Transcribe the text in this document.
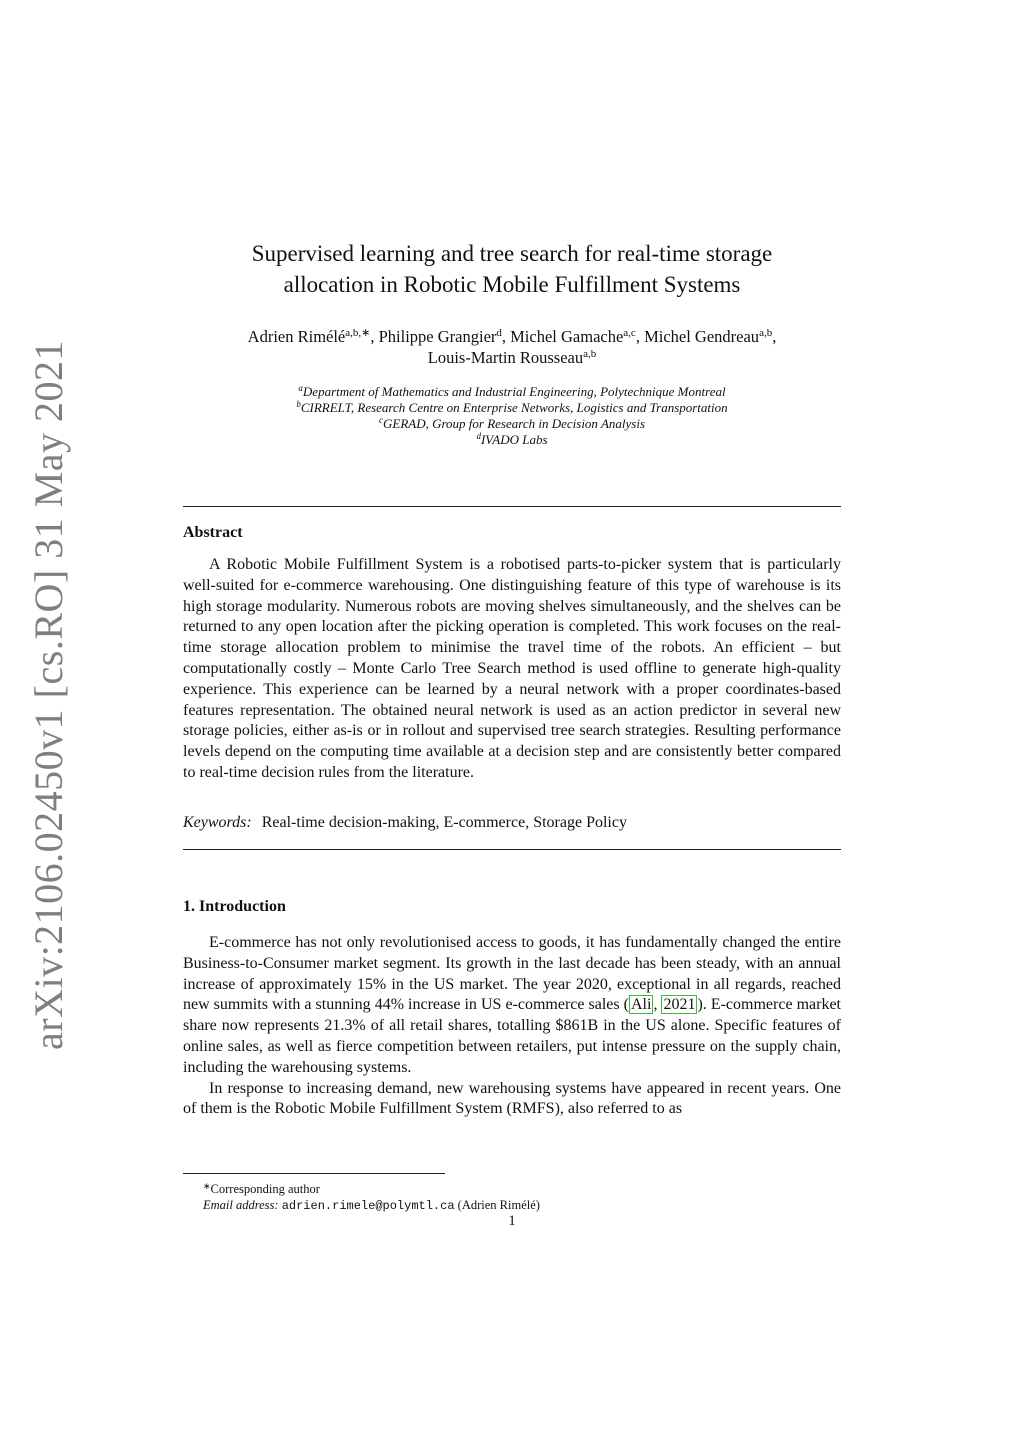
arXiv:2106.02450v1 [cs.RO] 31 May 2021
Supervised learning and tree search for real-time storage
allocation in Robotic Mobile Fulfillment Systems
Adrien Rimélé$^{a,b,∗}$, Philippe Grangier$^d$, Michel Gamache$^{a,c}$, Michel Gendreau$^{a,b}$,
Louis-Martin Rousseau$^{a,b}$
$^a$Department of Mathematics and Industrial Engineering, Polytechnique Montreal
$^b$CIRRELT, Research Centre on Enterprise Networks, Logistics and Transportation
$^c$GERAD, Group for Research in Decision Analysis
$^d$IVADO Labs
Abstract

A Robotic Mobile Fulfillment System is a robotised parts-to-picker system that is particularly well-suited for e-commerce warehousing. One distinguishing feature of this type of warehouse is its high storage modularity. Numerous robots are moving shelves simultaneously, and the shelves can be returned to any open location after the picking operation is completed. This work focuses on the real-time storage allocation problem to minimise the travel time of the robots. An efficient – but computationally costly – Monte Carlo Tree Search method is used offline to generate high-quality experience. This experience can be learned by a neural network with a proper coordinates-based features representation. The obtained neural network is used as an action predictor in several new storage policies, either as-is or in rollout and supervised tree search strategies. Resulting performance levels depend on the computing time available at a decision step and are consistently better compared to real-time decision rules from the literature.

Keywords: Real-time decision-making, E-commerce, Storage Policy
1. Introduction

E-commerce has not only revolutionised access to goods, it has fundamentally changed the entire Business-to-Consumer market segment. Its growth in the last decade has been steady, with an annual increase of approximately 15% in the US market. The year 2020, exceptional in all regards, reached new summits with a stunning 44% increase in US e-commerce sales ( Ali , 2021 ). E-commerce market share now represents 21.3% of all retail shares, totalling $861B in the US alone. Specific features of online sales, as well as fierce competition between retailers, put intense pressure on the supply chain, including the warehousing systems.

In response to increasing demand, new warehousing systems have appeared in recent years. One of them is the Robotic Mobile Fulfillment System (RMFS), also referred to as

∗Corresponding author
Email address: adrien.rimele@polymtl.ca (Adrien Rimélé)
1
